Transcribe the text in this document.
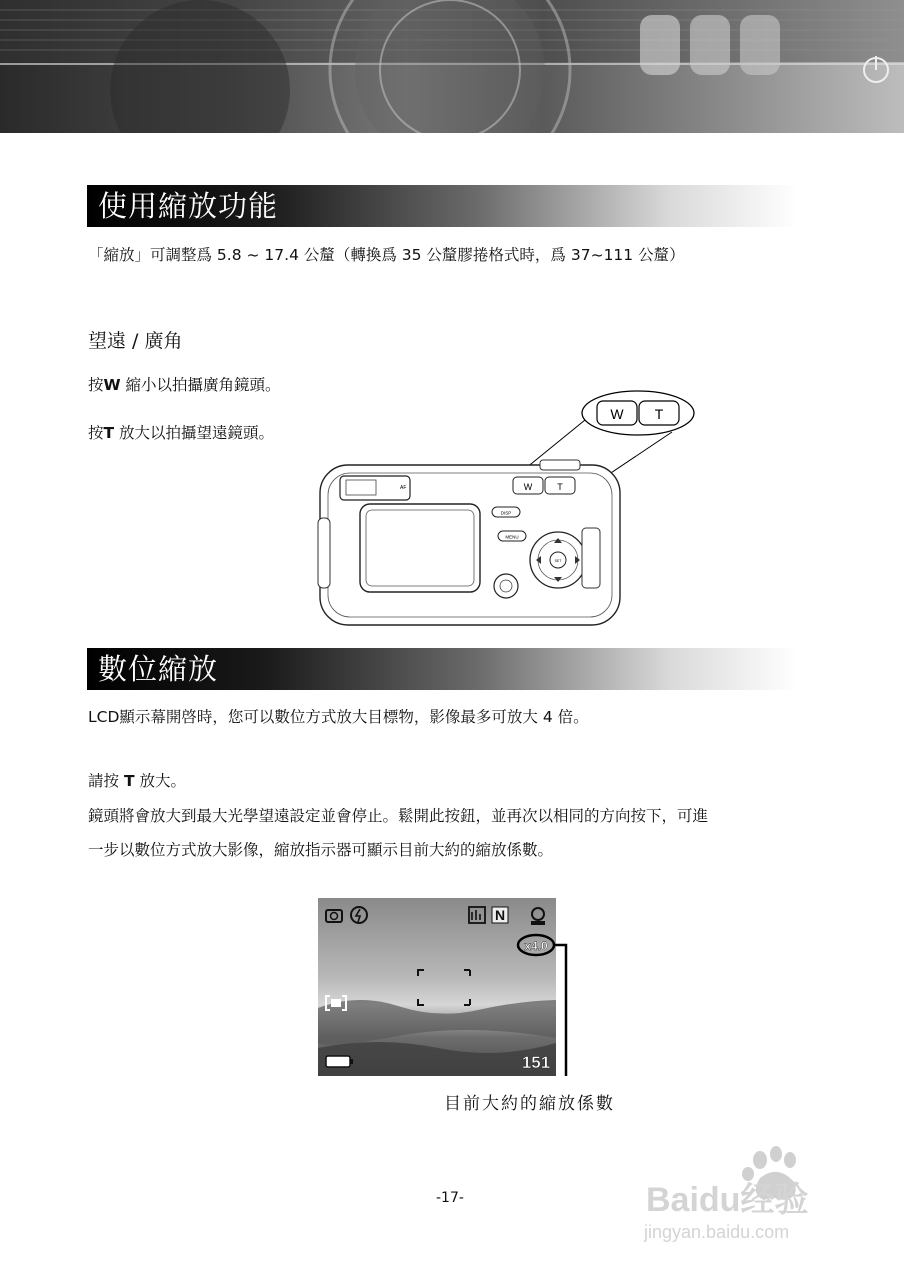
使用縮放功能
「縮放」可調整爲 5.8 ~ 17.4 公釐（轉換爲 35 公釐膠捲格式時，爲 37~111 公釐）
望遠 / 廣角
按W 縮小以拍攝廣角鏡頭。
按T 放大以拍攝望遠鏡頭。
W T
AF	W	T
DISP
MENU
SET
數位縮放
LCD顯示幕開啓時，您可以數位方式放大目標物，影像最多可放大 4 倍。
請按 T 放大。
鏡頭將會放大到最大光學望遠設定並會停止。鬆開此按鈕，並再次以相同的方向按下，可進
一步以數位方式放大影像，縮放指示器可顯示目前大約的縮放係數。
N
x4.0
151
目前大約的縮放係數
-17-	Baidu经验
jingyan.baidu.com
